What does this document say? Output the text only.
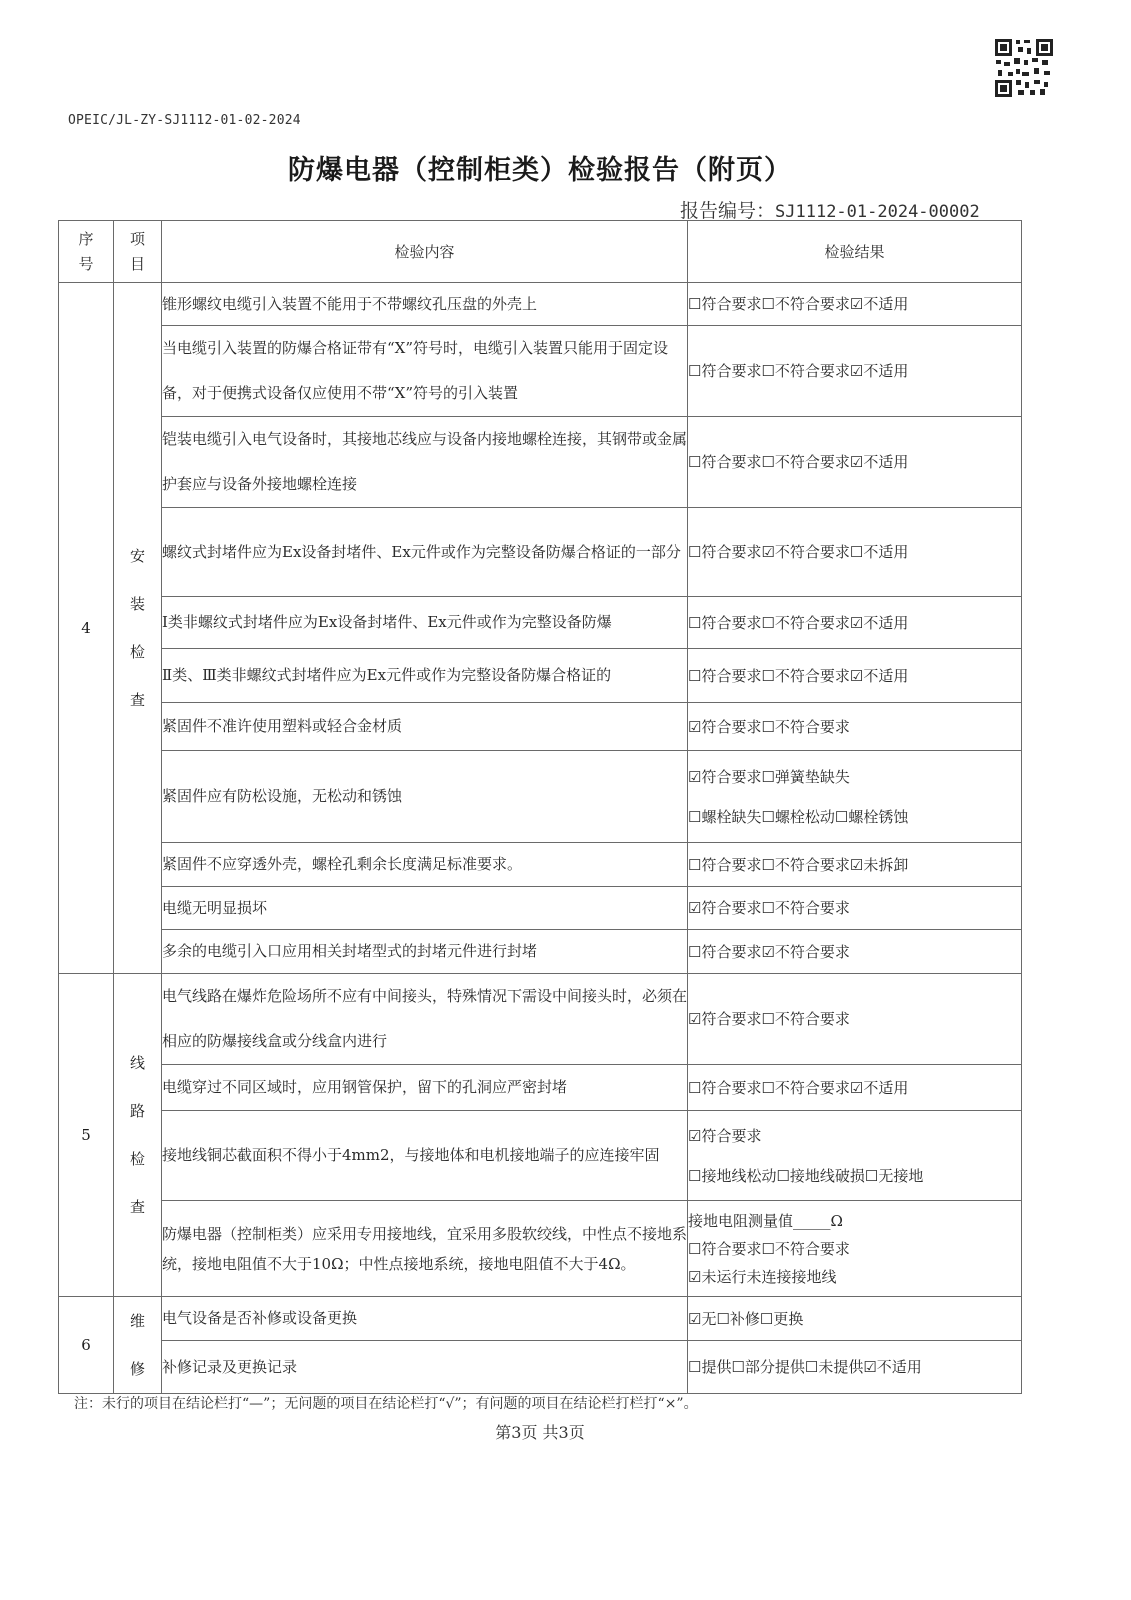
OPEIC/JL-ZY-SJ1112-01-02-2024
防爆电器（控制柜类）检验报告（附页）
报告编号：SJ1112-01-2024-00002
序
号	项
目	检验内容	检验结果
4	安
装
检
查	锥形螺纹电缆引入装置不能用于不带螺纹孔压盘的外壳上	☐符合要求☐不符合要求☑不适用

		当电缆引入装置的防爆合格证带有“X”符号时，电缆引入装置只能用于固定设备，对于便携式设备仅应使用不带“X”符号的引入装置	☐符合要求☐不符合要求☑不适用

		铠装电缆引入电气设备时，其接地芯线应与设备内接地螺栓连接，其钢带或金属护套应与设备外接地螺栓连接	☐符合要求☐不符合要求☑不适用

		螺纹式封堵件应为Ex设备封堵件、Ex元件或作为完整设备防爆合格证的一部分	☐符合要求☑不符合要求☐不适用

		Ⅰ类非螺纹式封堵件应为Ex设备封堵件、Ex元件或作为完整设备防爆	☐符合要求☐不符合要求☑不适用

		Ⅱ类、Ⅲ类非螺纹式封堵件应为Ex元件或作为完整设备防爆合格证的	☐符合要求☐不符合要求☑不适用

		紧固件不准许使用塑料或轻合金材质	☑符合要求☐不符合要求

		紧固件应有防松设施，无松动和锈蚀	☑符合要求☐弹簧垫缺失
☐螺栓缺失☐螺栓松动☐螺栓锈蚀

		紧固件不应穿透外壳，螺栓孔剩余长度满足标准要求。	☐符合要求☐不符合要求☑未拆卸

		电缆无明显损坏	☑符合要求☐不符合要求

		多余的电缆引入口应用相关封堵型式的封堵元件进行封堵	☐符合要求☑不符合要求

5	线
路
检
查	电气线路在爆炸危险场所不应有中间接头，特殊情况下需设中间接头时，必须在相应的防爆接线盒或分线盒内进行	☑符合要求☐不符合要求

		电缆穿过不同区域时，应用钢管保护，留下的孔洞应严密封堵	☐符合要求☐不符合要求☑不适用

		接地线铜芯截面积不得小于4mm2，与接地体和电机接地端子的应连接牢固	☑符合要求
☐接地线松动☐接地线破损☐无接地

		防爆电器（控制柜类）应采用专用接地线，宜采用多股软绞线，中性点不接地系统，接地电阻值不大于10Ω；中性点接地系统，接地电阻值不大于4Ω。	接地电阻测量值_____Ω
☐符合要求☐不符合要求
☑未运行未连接接地线

6	维
修	电气设备是否补修或设备更换	☑无☐补修☐更换

		补修记录及更换记录	☐提供☐部分提供☐未提供☑不适用
注：未行的项目在结论栏打“—”；无问题的项目在结论栏打“√”；有问题的项目在结论栏打栏打“×”。
第3页 共3页
